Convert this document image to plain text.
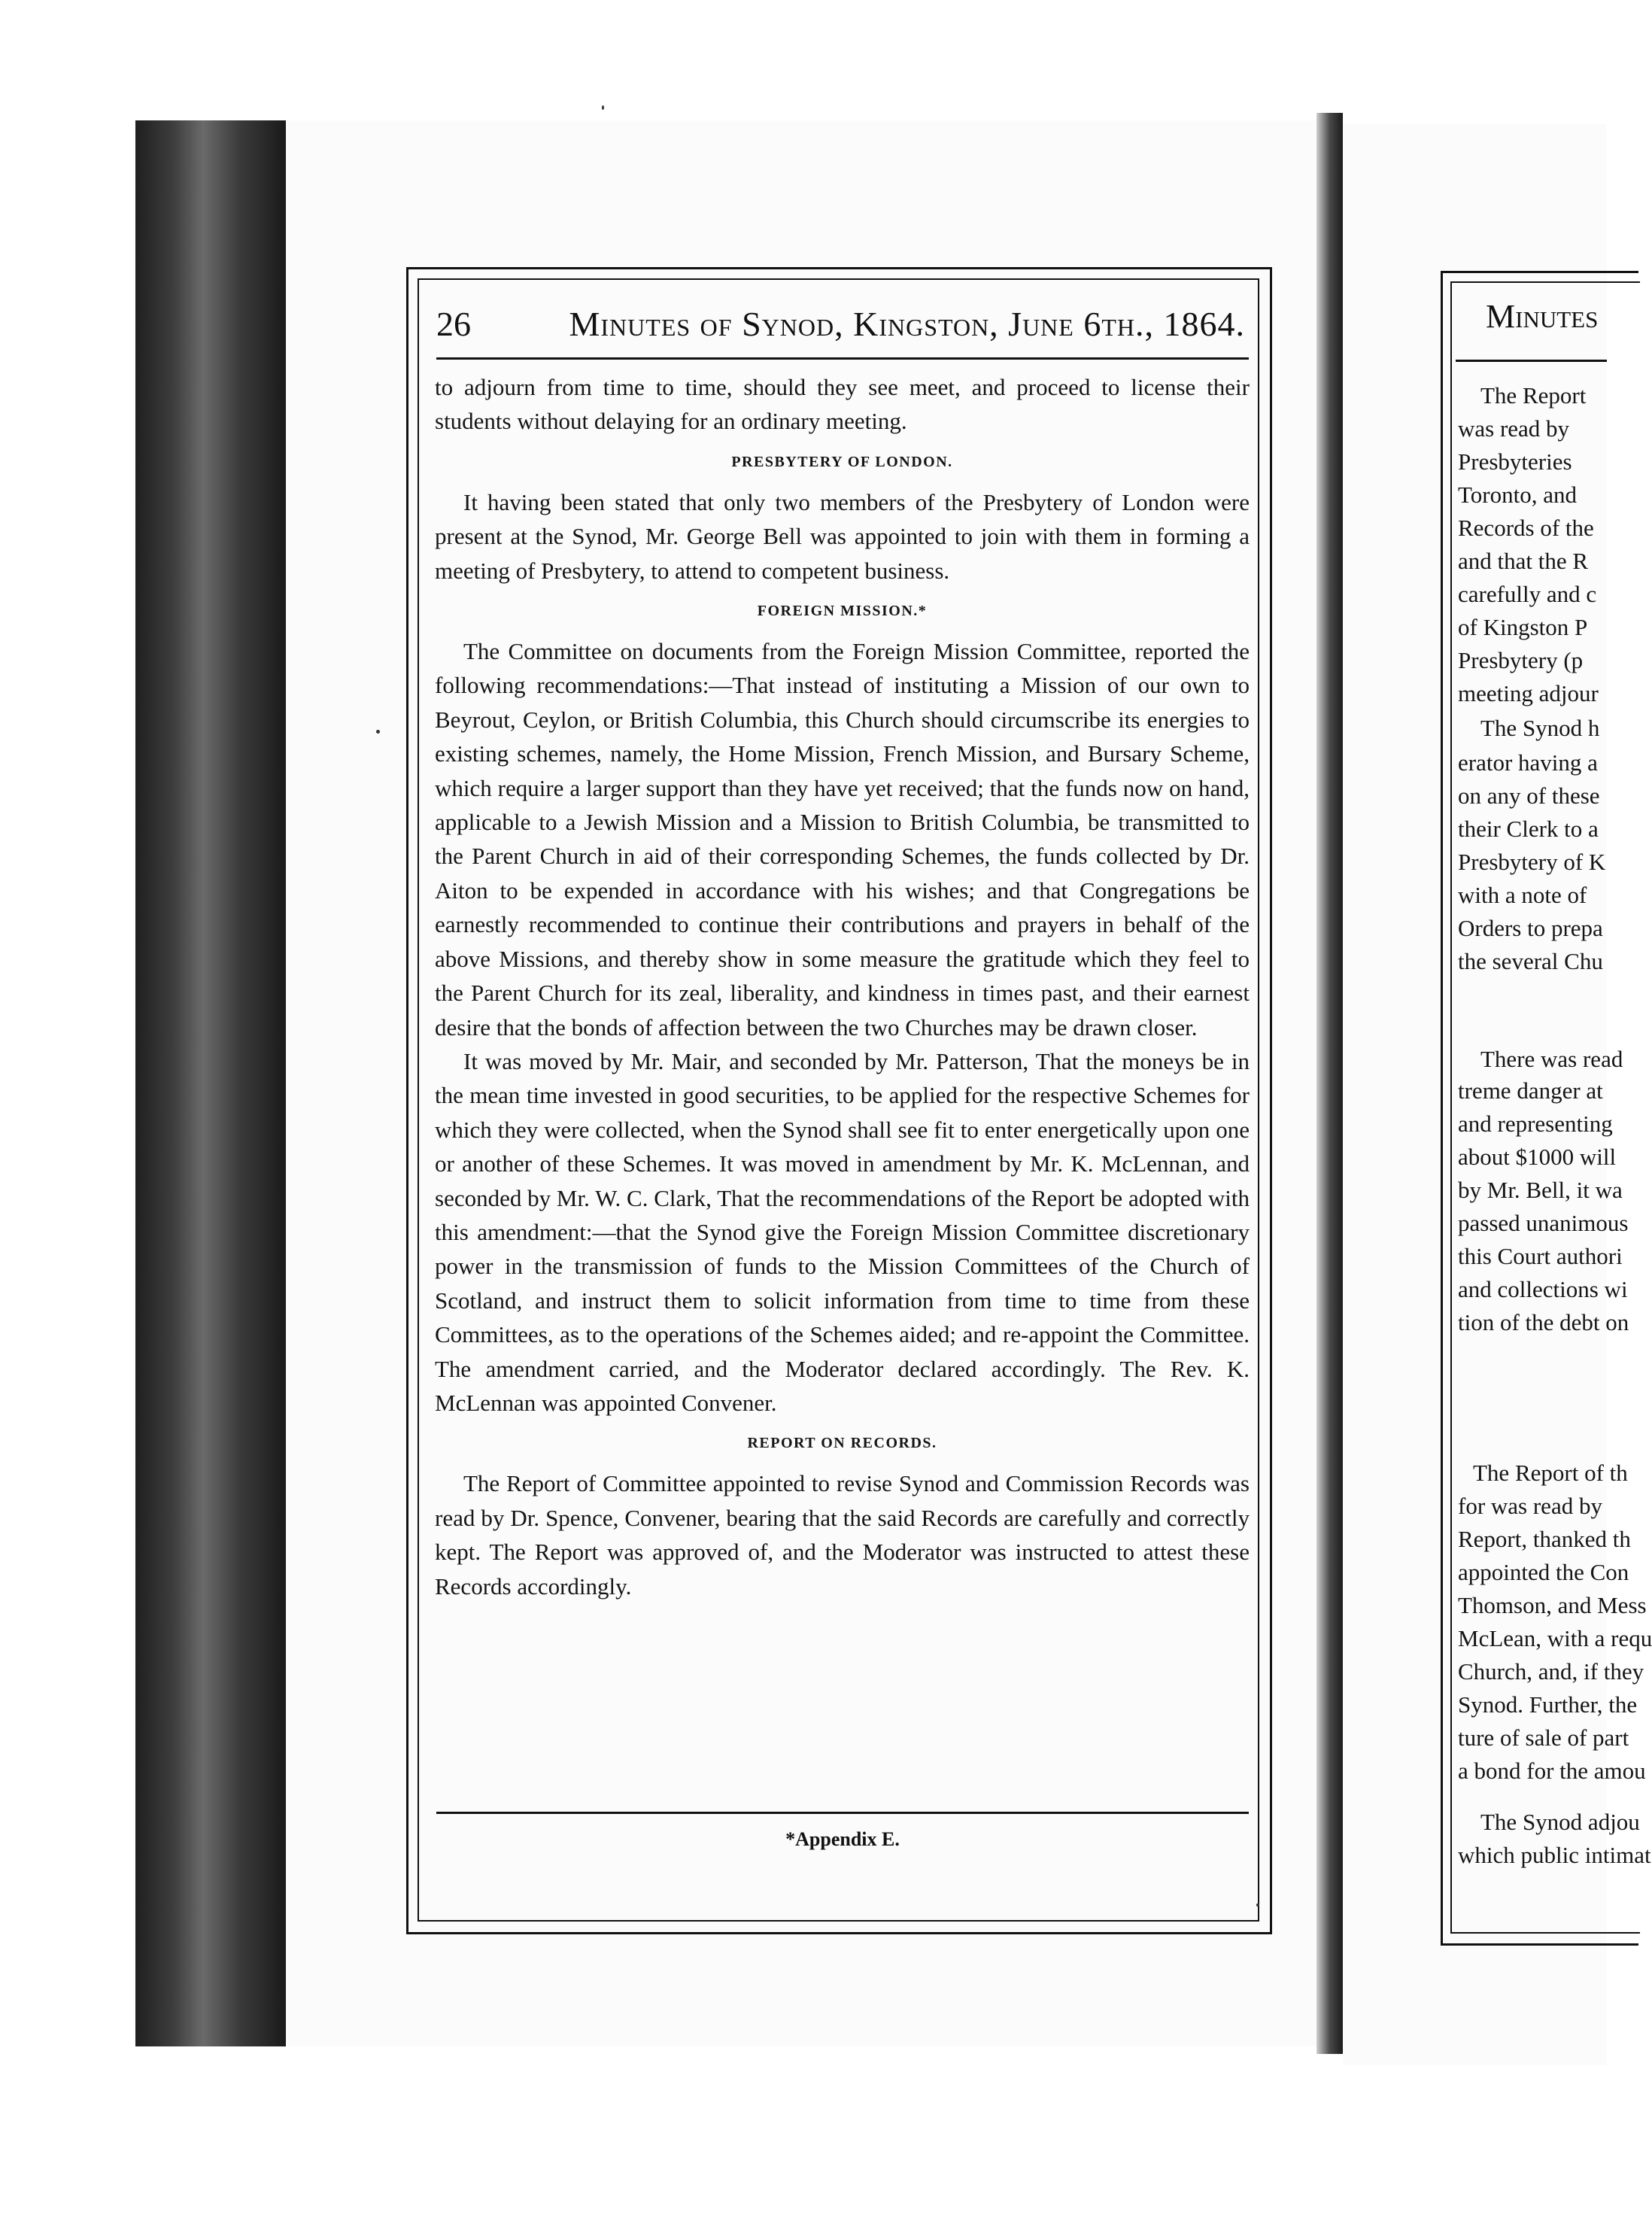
26	Minutes of Synod, Kingston, June 6th., 1864.

to adjourn from time to time, should they see meet, and proceed to license their students without delaying for an ordinary meeting.

PRESBYTERY OF LONDON.

It having been stated that only two members of the Presbytery of London were present at the Synod, Mr. George Bell was appointed to join with them in forming a meeting of Presbytery, to attend to competent business.

FOREIGN MISSION.*

The Committee on documents from the Foreign Mission Committee, reported the following recommendations:—That instead of instituting a Mission of our own to Beyrout, Ceylon, or British Columbia, this Church should circumscribe its energies to existing schemes, namely, the Home Mission, French Mission, and Bursary Scheme, which require a larger support than they have yet received; that the funds now on hand, applicable to a Jewish Mission and a Mission to British Columbia, be transmitted to the Parent Church in aid of their corresponding Schemes, the funds collected by Dr. Aiton to be expended in accordance with his wishes; and that Congregations be earnestly recommended to continue their contributions and prayers in behalf of the above Missions, and thereby show in some measure the gratitude which they feel to the Parent Church for its zeal, liberality, and kindness in times past, and their earnest desire that the bonds of affection between the two Churches may be drawn closer.

It was moved by Mr. Mair, and seconded by Mr. Patterson, That the moneys be in the mean time invested in good securities, to be applied for the respective Schemes for which they were collected, when the Synod shall see fit to enter energetically upon one or another of these Schemes. It was moved in amendment by Mr. K. McLennan, and seconded by Mr. W. C. Clark, That the recommendations of the Report be adopted with this amendment:—that the Synod give the Foreign Mission Committee discretionary power in the transmission of funds to the Mission Committees of the Church of Scotland, and instruct them to solicit information from time to time from these Committees, as to the operations of the Schemes aided; and re-appoint the Committee. The amendment carried, and the Moderator declared accordingly. The Rev. K. McLennan was appointed Convener.

REPORT ON RECORDS.

The Report of Committee appointed to revise Synod and Commission Records was read by Dr. Spence, Convener, bearing that the said Records are carefully and correctly kept. The Report was approved of, and the Moderator was instructed to attest these Records accordingly.

*Appendix E.
Minutes
The Report
was read by
Presbyteries
Toronto, and
Records of the
and that the R
carefully and c
of Kingston P
Presbytery (p
meeting adjour
The Synod h
erator having a
on any of these
their Clerk to a
Presbytery of K
with a note of
Orders to prepa
the several Chu
There was read
treme danger at
and representing
about $1000 will
by Mr. Bell, it wa
passed unanimous
this Court authori
and collections wi
tion of the debt on
The Report of th
for was read by
Report, thanked th
appointed the Con
Thomson, and Mess
McLean, with a requ
Church, and, if they
Synod. Further, the
ture of sale of part
a bond for the amou
The Synod adjou
which public intimat
